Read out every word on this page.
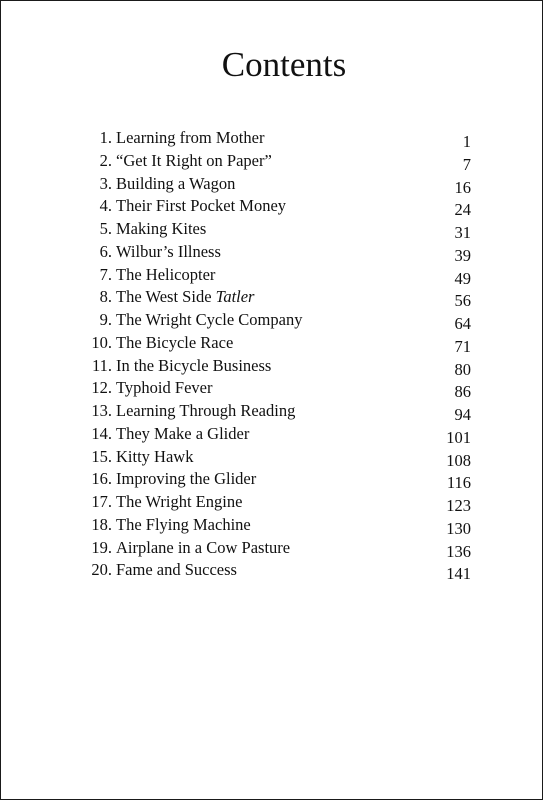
Contents
1. Learning from Mother	1
2. “Get It Right on Paper”	7
3. Building a Wagon	16
4. Their First Pocket Money	24
5. Making Kites	31
6. Wilbur’s Illness	39
7. The Helicopter	49
8. The West Side Tatler	56
9. The Wright Cycle Company	64
10. The Bicycle Race	71
11. In the Bicycle Business	80
12. Typhoid Fever	86
13. Learning Through Reading	94
14. They Make a Glider	101
15. Kitty Hawk	108
16. Improving the Glider	116
17. The Wright Engine	123
18. The Flying Machine	130
19. Airplane in a Cow Pasture	136
20. Fame and Success	141
